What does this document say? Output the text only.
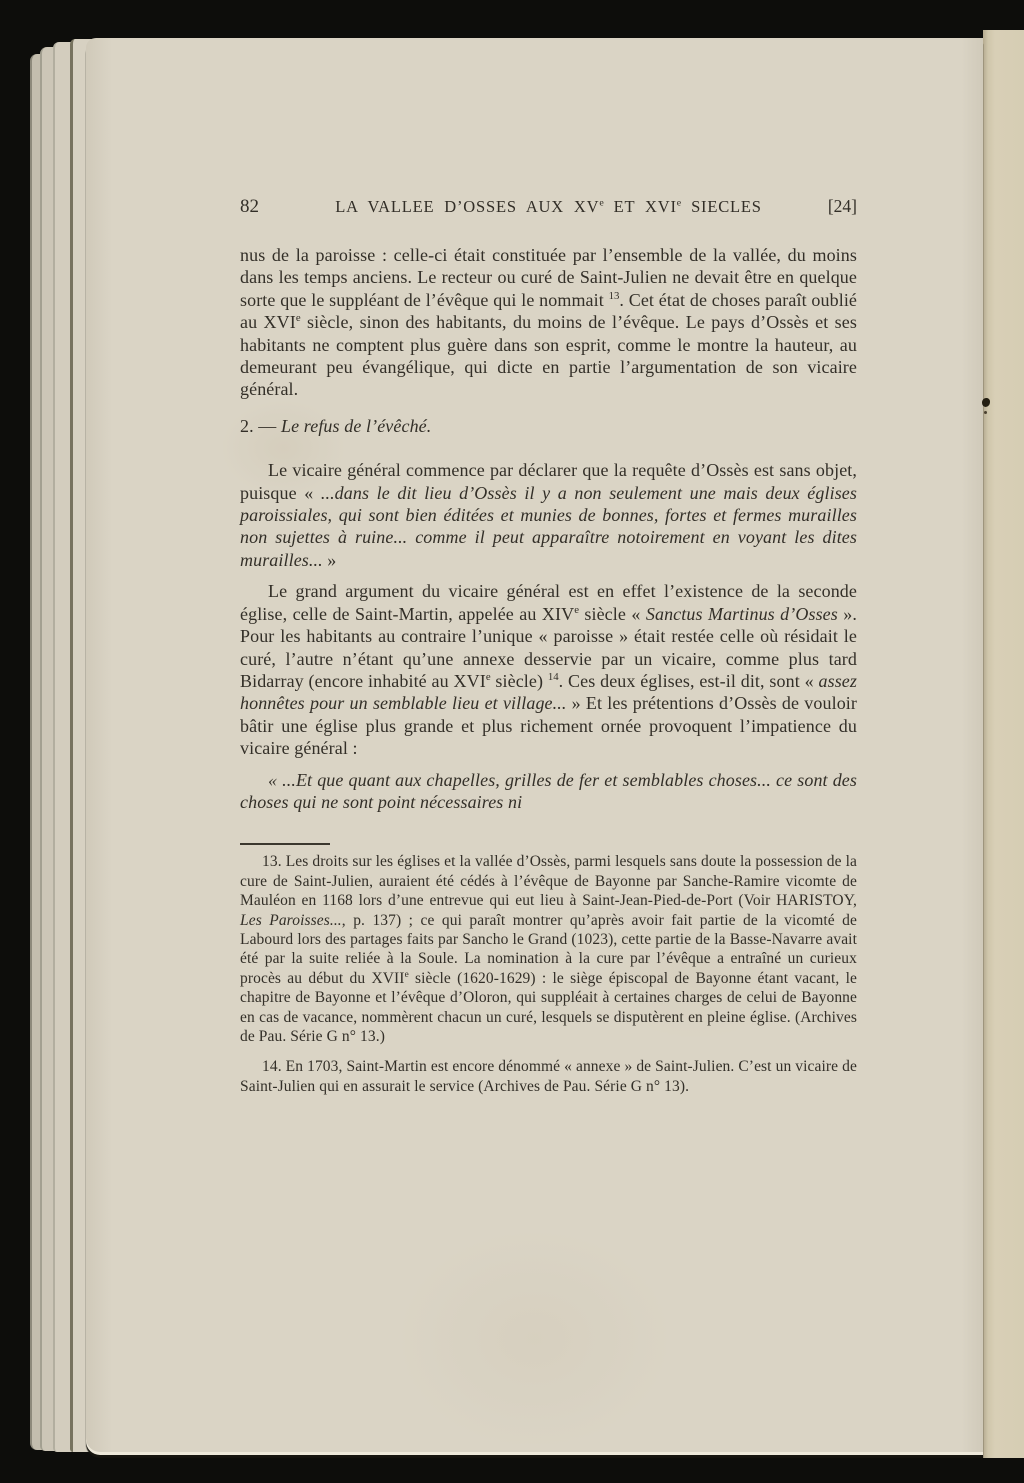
82	LA VALLEE D’OSSES AUX XVe ET XVIe SIECLES	[24]

nus de la paroisse : celle-ci était constituée par l’ensemble de la vallée, du moins dans les temps anciens. Le recteur ou curé de Saint-Julien ne devait être en quelque sorte que le suppléant de l’évêque qui le nommait $^{13}$. Cet état de choses paraît oublié au XVIe siècle, sinon des habitants, du moins de l’évêque. Le pays d’Ossès et ses habitants ne comptent plus guère dans son esprit, comme le montre la hauteur, au demeurant peu évangélique, qui dicte en partie l’argumentation de son vicaire général.

2. — Le refus de l’évêché.

Le vicaire général commence par déclarer que la requête d’Ossès est sans objet, puisque « ...dans le dit lieu d’Ossès il y a non seulement une mais deux églises paroissiales, qui sont bien éditées et munies de bonnes, fortes et fermes murailles non sujettes à ruine... comme il peut apparaître notoirement en voyant les dites murailles... »

Le grand argument du vicaire général est en effet l’existence de la seconde église, celle de Saint-Martin, appelée au XIVe siècle « Sanctus Martinus d’Osses ». Pour les habitants au contraire l’unique « paroisse » était restée celle où résidait le curé, l’autre n’étant qu’une annexe desservie par un vicaire, comme plus tard Bidarray (encore inhabité au XVIe siècle) $^{14}$. Ces deux églises, est-il dit, sont « assez honnêtes pour un semblable lieu et village... » Et les prétentions d’Ossès de vouloir bâtir une église plus grande et plus richement ornée provoquent l’impatience du vicaire général :

« ...Et que quant aux chapelles, grilles de fer et semblables choses... ce sont des choses qui ne sont point nécessaires ni

13. Les droits sur les églises et la vallée d’Ossès, parmi lesquels sans doute la possession de la cure de Saint-Julien, auraient été cédés à l’évêque de Bayonne par Sanche-Ramire vicomte de Mauléon en 1168 lors d’une entrevue qui eut lieu à Saint-Jean-Pied-de-Port (Voir HARISTOY, Les Paroisses..., p. 137) ; ce qui paraît montrer qu’après avoir fait partie de la vicomté de Labourd lors des partages faits par Sancho le Grand (1023), cette partie de la Basse-Navarre avait été par la suite reliée à la Soule. La nomination à la cure par l’évêque a entraîné un curieux procès au début du XVIIe siècle (1620-1629) : le siège épiscopal de Bayonne étant vacant, le chapitre de Bayonne et l’évêque d’Oloron, qui suppléait à certaines charges de celui de Bayonne en cas de vacance, nommèrent chacun un curé, lesquels se disputèrent en pleine église. (Archives de Pau. Série G n° 13.)

14. En 1703, Saint-Martin est encore dénommé « annexe » de Saint-Julien. C’est un vicaire de Saint-Julien qui en assurait le service (Archives de Pau. Série G n° 13).
